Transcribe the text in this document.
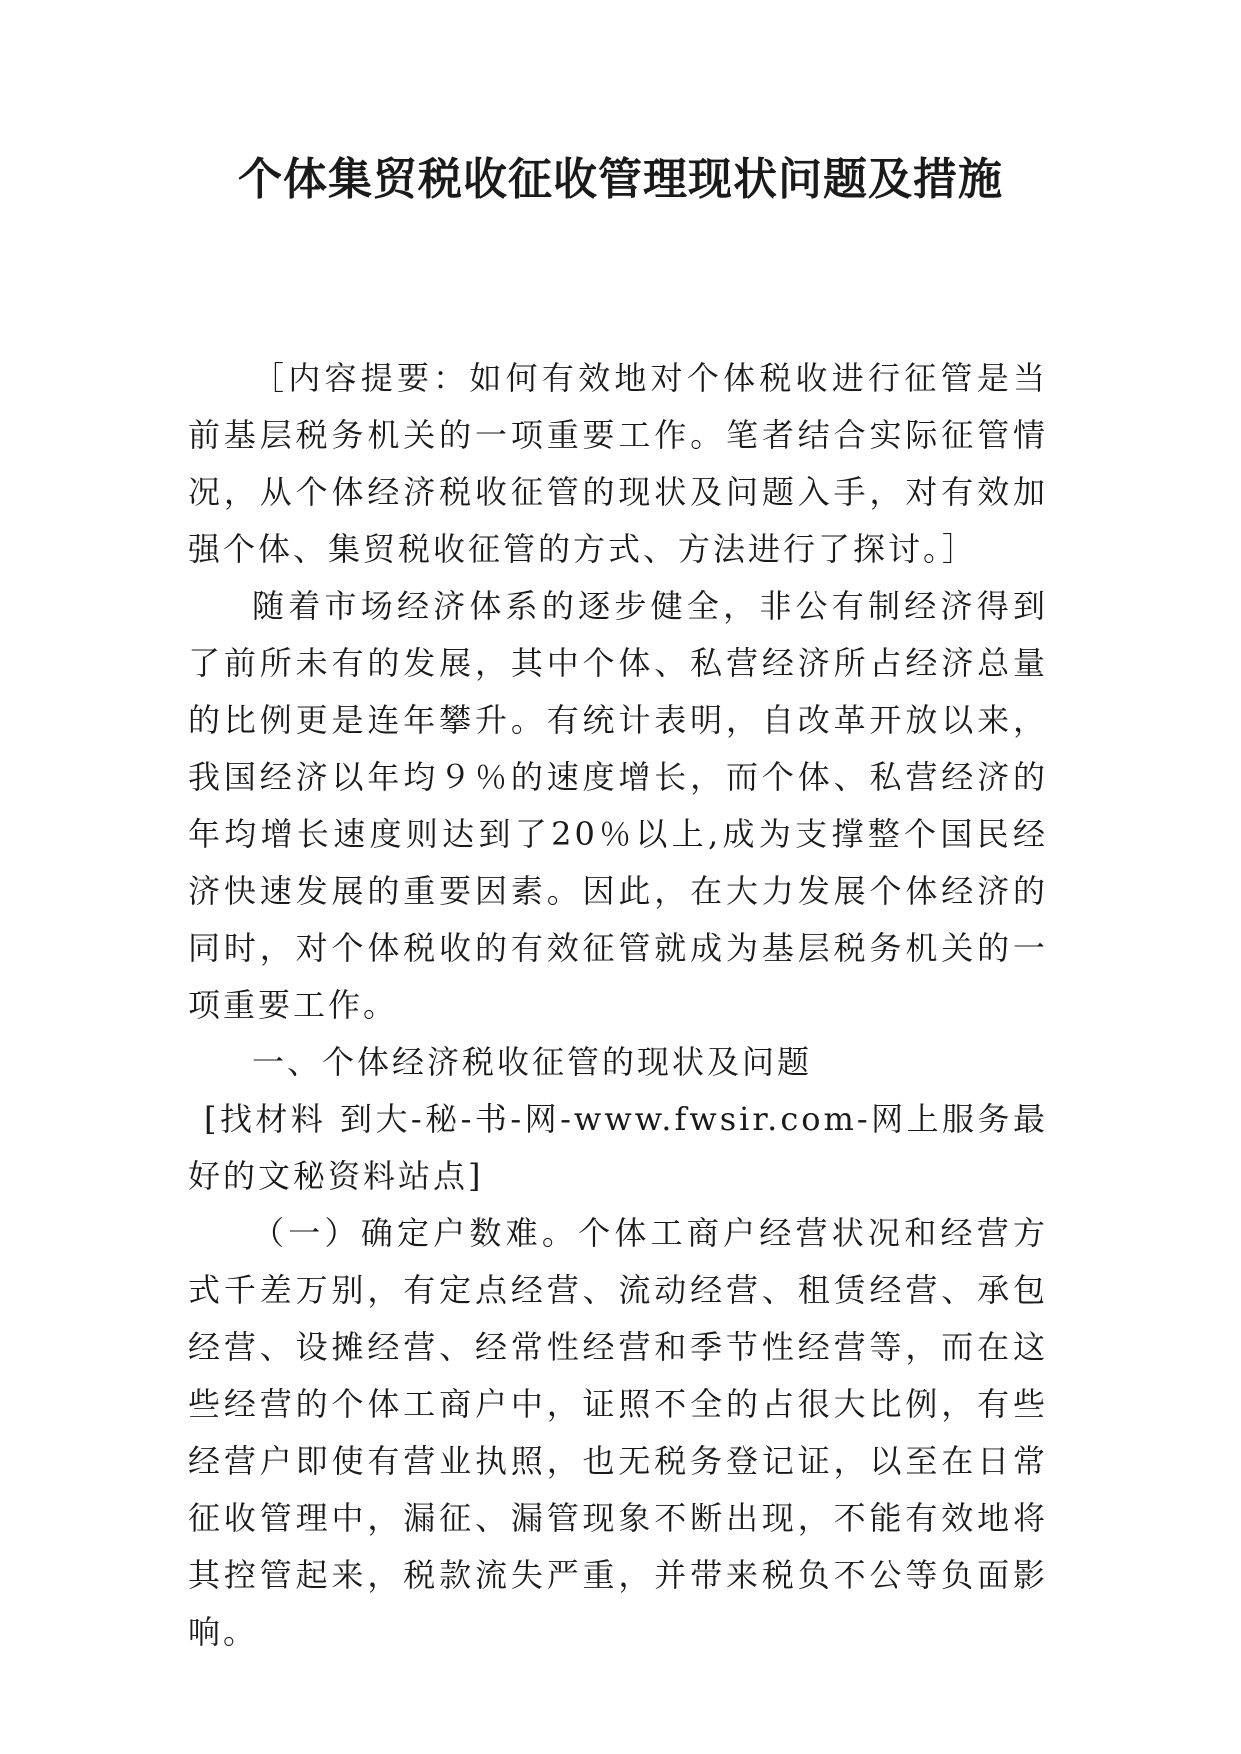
个体集贸税收征收管理现状问题及措施

［内容提要：如何有效地对个体税收进行征管是当前基层税务机关的一项重要工作。笔者结合实际征管情况，从个体经济税收征管的现状及问题入手，对有效加强个体、集贸税收征管的方式、方法进行了探讨。］

随着市场经济体系的逐步健全，非公有制经济得到了前所未有的发展，其中个体、私营经济所占经济总量的比例更是连年攀升。有统计表明，自改革开放以来，我国经济以年均９％的速度增长，而个体、私营经济的年均增长速度则达到了20％以上,成为支撑整个国民经济快速发展的重要因素。因此，在大力发展个体经济的同时，对个体税收的有效征管就成为基层税务机关的一项重要工作。

一、个体经济税收征管的现状及问题

[找材料 到大-秘-书-网-www.fwsir.com-网上服务最好的文秘资料站点]

（一）确定户数难。个体工商户经营状况和经营方式千差万别，有定点经营、流动经营、租赁经营、承包经营、设摊经营、经常性经营和季节性经营等，而在这些经营的个体工商户中，证照不全的占很大比例，有些经营户即使有营业执照，也无税务登记证，以至在日常征收管理中，漏征、漏管现象不断出现，不能有效地将其控管起来，税款流失严重，并带来税负不公等负面影响。
